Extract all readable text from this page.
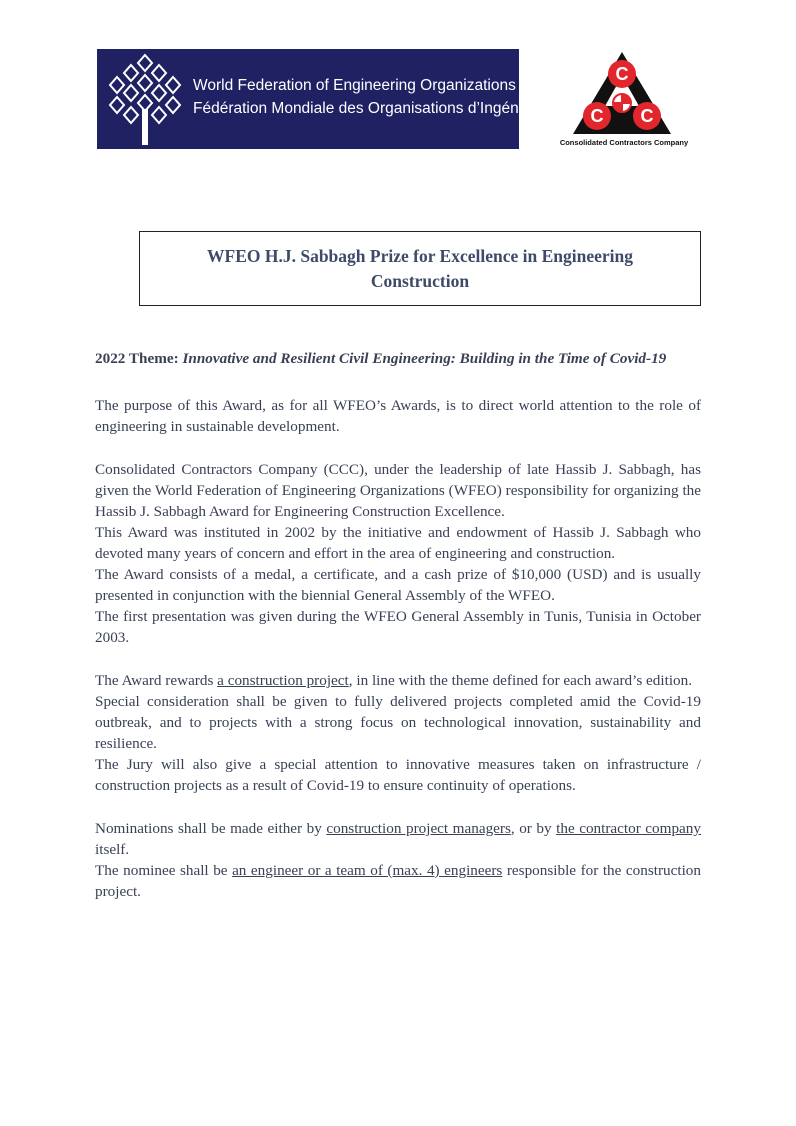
World Federation of Engineering Organizations
Fédération Mondiale des Organisations d’Ingénieurs
C
C C
Consolidated Contractors Company
WFEO H.J. Sabbagh Prize for Excellence in Engineering Construction
2022 Theme: Innovative and Resilient Civil Engineering: Building in the Time of Covid-19

The purpose of this Award, as for all WFEO’s Awards, is to direct world attention to the role of engineering in sustainable development.

Consolidated Contractors Company (CCC), under the leadership of late Hassib J. Sabbagh, has given the World Federation of Engineering Organizations (WFEO) responsibility for organizing the Hassib J. Sabbagh Award for Engineering Construction Excellence.

This Award was instituted in 2002 by the initiative and endowment of Hassib J. Sabbagh who devoted many years of concern and effort in the area of engineering and construction.

The Award consists of a medal, a certificate, and a cash prize of $10,000 (USD) and is usually presented in conjunction with the biennial General Assembly of the WFEO.

The first presentation was given during the WFEO General Assembly in Tunis, Tunisia in October 2003.

The Award rewards a construction project, in line with the theme defined for each award’s edition.

Special consideration shall be given to fully delivered projects completed amid the Covid-19 outbreak, and to projects with a strong focus on technological innovation, sustainability and resilience.

The Jury will also give a special attention to innovative measures taken on infrastructure / construction projects as a result of Covid-19 to ensure continuity of operations.

Nominations shall be made either by construction project managers, or by the contractor company itself.

The nominee shall be an engineer or a team of (max. 4) engineers responsible for the construction project.
